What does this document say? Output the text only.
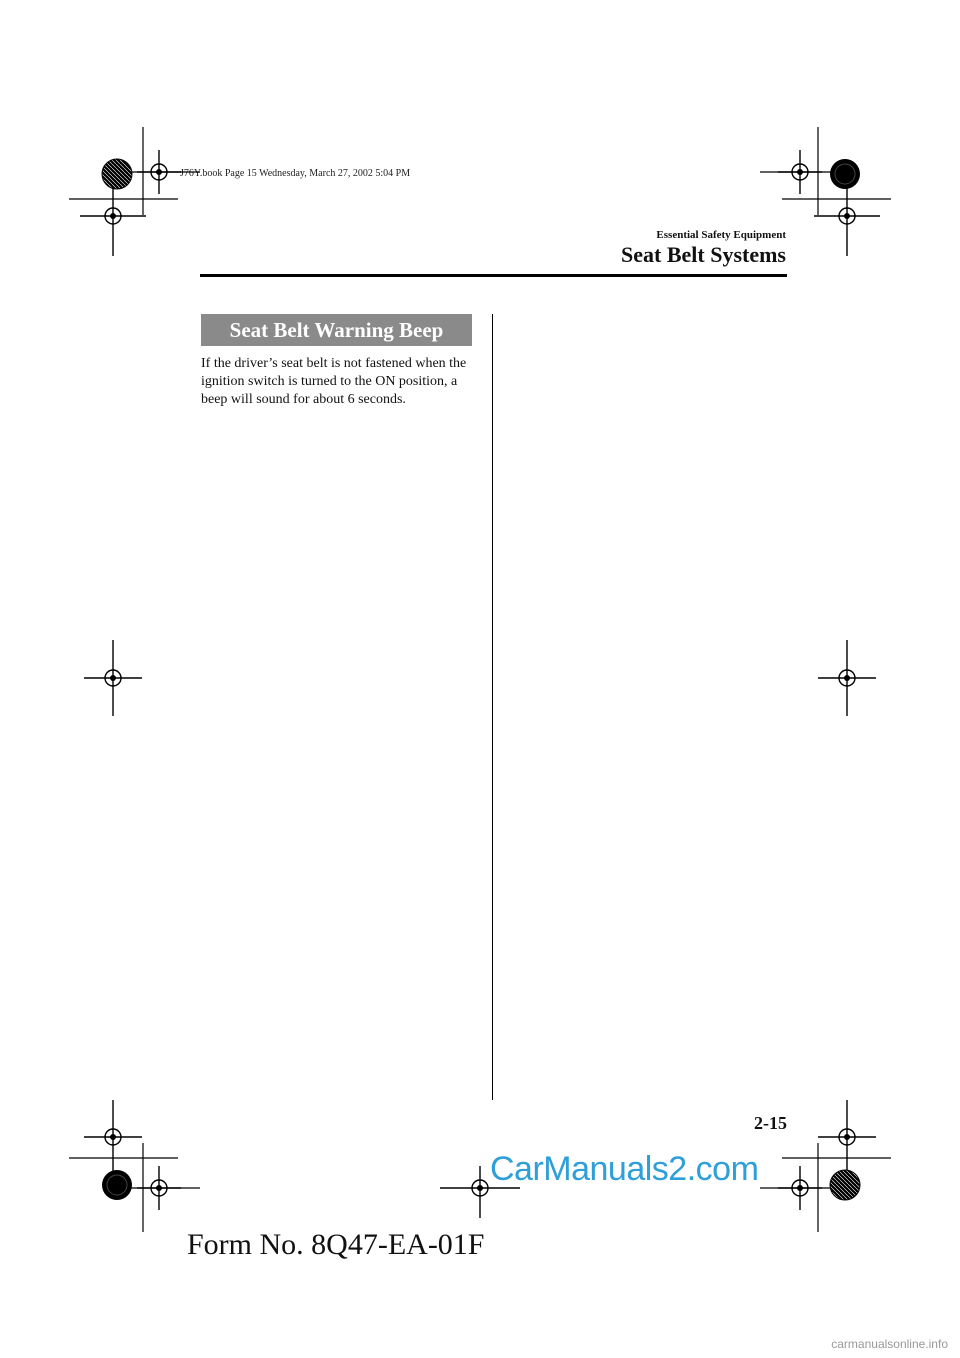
J76Y.book Page 15 Wednesday, March 27, 2002 5:04 PM
Essential Safety Equipment
Seat Belt Systems
Seat Belt Warning Beep

If the driver’s seat belt is not fastened when the ignition switch is turned to the ON position, a beep will sound for about 6 seconds.

2-15
CarManuals2.com
Form No. 8Q47-EA-01F
carmanualsonline.info
